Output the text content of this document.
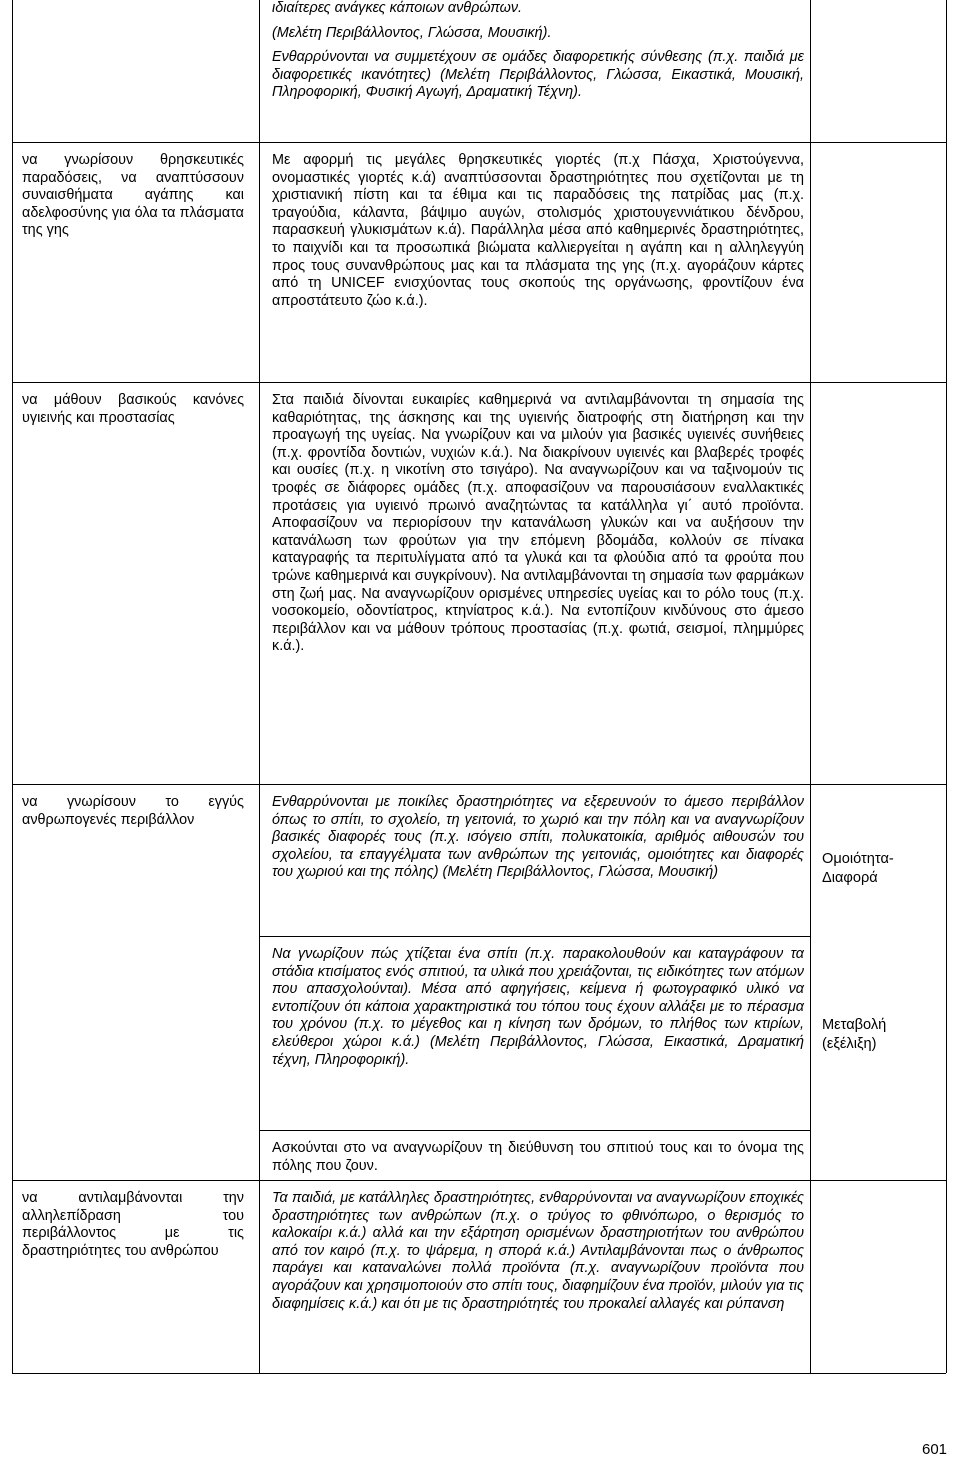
ιδιαίτερες ανάγκες κάποιων ανθρώπων.

(Μελέτη Περιβάλλοντος, Γλώσσα, Μουσική).

Ενθαρρύνονται να συμμετέχουν σε ομάδες διαφορετικής σύνθεσης (π.χ. παιδιά με διαφορετικές ικανότητες) (Μελέτη Περιβάλλοντος, Γλώσσα, Εικαστικά, Μουσική, Πληροφορική, Φυσική Αγωγή, Δραματική Τέχνη).

να γνωρίσουν θρησκευτικές παραδόσεις, να αναπτύσσουν συναισθήματα αγάπης και αδελφοσύνης για όλα τα πλάσματα της γης
Με αφορμή τις μεγάλες θρησκευτικές γιορτές (π.χ Πάσχα, Χριστούγεννα, ονομαστικές γιορτές κ.ά) αναπτύσσονται δραστηριότητες που σχετίζονται με τη χριστιανική πίστη και τα έθιμα και τις παραδόσεις της πατρίδας μας (π.χ. τραγούδια, κάλαντα, βάψιμο αυγών, στολισμός χριστουγεννιάτικου δένδρου, παρασκευή γλυκισμάτων κ.ά). Παράλληλα μέσα από καθημερινές δραστηριότητες, το παιχνίδι και τα προσωπικά βιώματα καλλιεργείται η αγάπη και η αλληλεγγύη προς τους συνανθρώπους μας και τα πλάσματα της γης (π.χ. αγοράζουν κάρτες από τη UNICEF ενισχύοντας τους σκοπούς της οργάνωσης, φροντίζουν ένα απροστάτευτο ζώο κ.ά.).
να μάθουν βασικούς κανόνες υγιεινής και προστασίας
Στα παιδιά δίνονται ευκαιρίες καθημερινά να αντιλαμβάνονται τη σημασία της καθαριότητας, της άσκησης και της υγιεινής διατροφής στη διατήρηση και την προαγωγή της υγείας. Να γνωρίζουν και να μιλούν για βασικές υγιεινές συνήθειες (π.χ. φροντίδα δοντιών, νυχιών κ.ά.). Να διακρίνουν υγιεινές και βλαβερές τροφές και ουσίες (π.χ. η νικοτίνη στο τσιγάρο). Να αναγνωρίζουν και να ταξινομούν τις τροφές σε διάφορες ομάδες (π.χ. αποφασίζουν να παρουσιάσουν εναλλακτικές προτάσεις για υγιεινό πρωινό αναζητώντας τα κατάλληλα γι΄ αυτό προϊόντα. Αποφασίζουν να περιορίσουν την κατανάλωση γλυκών και να αυξήσουν την κατανάλωση των φρούτων για την επόμενη βδομάδα, κολλούν σε πίνακα καταγραφής τα περιτυλίγματα από τα γλυκά και τα φλούδια από τα φρούτα που τρώνε καθημερινά και συγκρίνουν). Να αντιλαμβάνονται τη σημασία των φαρμάκων στη ζωή μας. Να αναγνωρίζουν ορισμένες υπηρεσίες υγείας και το ρόλο τους (π.χ. νοσοκομείο, οδοντίατρος, κτηνίατρος κ.ά.). Να εντοπίζουν κινδύνους στο άμεσο περιβάλλον και να μάθουν τρόπους προστασίας (π.χ. φωτιά, σεισμοί, πλημμύρες κ.ά.).
να γνωρίσουν το εγγύς ανθρωπογενές περιβάλλον
Ενθαρρύνονται με ποικίλες δραστηριότητες να εξερευνούν το άμεσο περιβάλλον όπως το σπίτι, το σχολείο, τη γειτονιά, το χωριό και την πόλη και να αναγνωρίζουν βασικές διαφορές τους (π.χ. ισόγειο σπίτι, πολυκατοικία, αριθμός αιθουσών του σχολείου, τα επαγγέλματα των ανθρώπων της γειτονιάς, ομοιότητες και διαφορές του χωριού και της πόλης) (Μελέτη Περιβάλλοντος, Γλώσσα, Μουσική)
Ομοιότητα-Διαφορά
Να γνωρίζουν πώς χτίζεται ένα σπίτι (π.χ. παρακολουθούν και καταγράφουν τα στάδια κτισίματος ενός σπιτιού, τα υλικά που χρειάζονται, τις ειδικότητες των ατόμων που απασχολούνται). Μέσα από αφηγήσεις, κείμενα ή φωτογραφικό υλικό να εντοπίζουν ότι κάποια χαρακτηριστικά του τόπου τους έχουν αλλάξει με το πέρασμα του χρόνου (π.χ. το μέγεθος και η κίνηση των δρόμων, το πλήθος των κτιρίων, ελεύθεροι χώροι κ.ά.) (Μελέτη Περιβάλλοντος, Γλώσσα, Εικαστικά, Δραματική τέχνη, Πληροφορική).
Μεταβολή (εξέλιξη)
Ασκούνται στο να αναγνωρίζουν τη διεύθυνση του σπιτιού τους και το όνομα της πόλης που ζουν.
να αντιλαμβάνονται την αλληλεπίδραση του περιβάλλοντος με τις δραστηριότητες του ανθρώπου
Τα παιδιά, με κατάλληλες δραστηριότητες, ενθαρρύνονται να αναγνωρίζουν εποχικές δραστηριότητες των ανθρώπων (π.χ. ο τρύγος το φθινόπωρο, ο θερισμός το καλοκαίρι κ.ά.) αλλά και την εξάρτηση ορισμένων δραστηριοτήτων του ανθρώπου από τον καιρό (π.χ. το ψάρεμα, η σπορά κ.ά.) Αντιλαμβάνονται πως ο άνθρωπος παράγει και καταναλώνει πολλά προϊόντα (π.χ. αναγνωρίζουν προϊόντα που αγοράζουν και χρησιμοποιούν στο σπίτι τους, διαφημίζουν ένα προϊόν, μιλούν για τις διαφημίσεις κ.ά.) και ότι με τις δραστηριότητές του προκαλεί αλλαγές και ρύπανση
601
